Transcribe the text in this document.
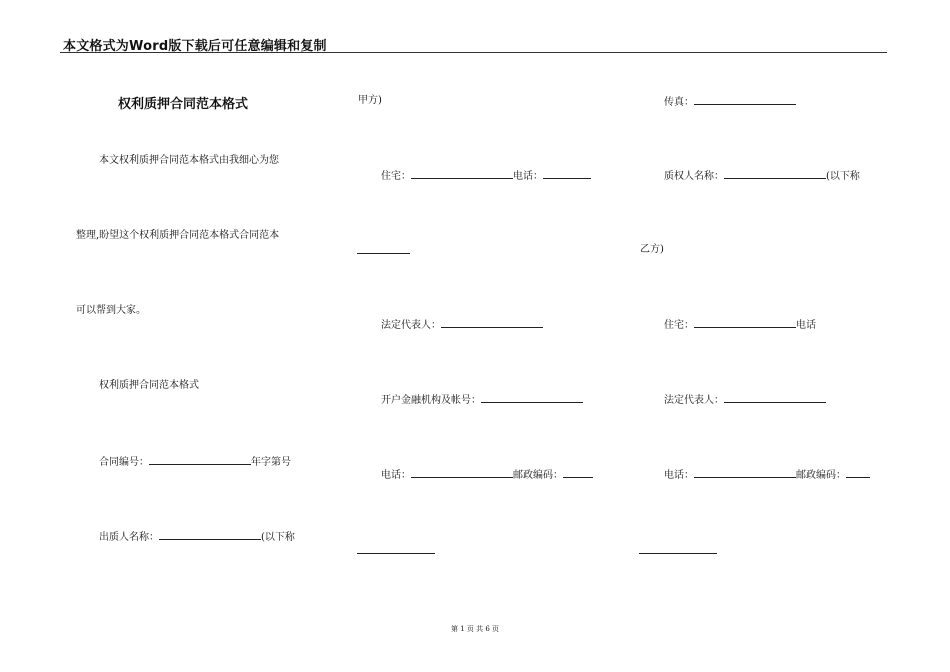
本文格式为Word版下载后可任意编辑和复制
权利质押合同范本格式
本文权利质押合同范本格式由我细心为您
整理,盼望这个权利质押合同范本格式合同范本
可以帮到大家。
权利质押合同范本格式
合同编号：	年字第号
出质人名称：	(以下称
甲方)
住宅：	电话：
法定代表人：
开户金融机构及帐号：
电话：	邮政编码：
传真：
质权人名称：	(以下称
乙方)
住宅：	电话
法定代表人：
电话：	邮政编码：
第 1 页 共 6 页
